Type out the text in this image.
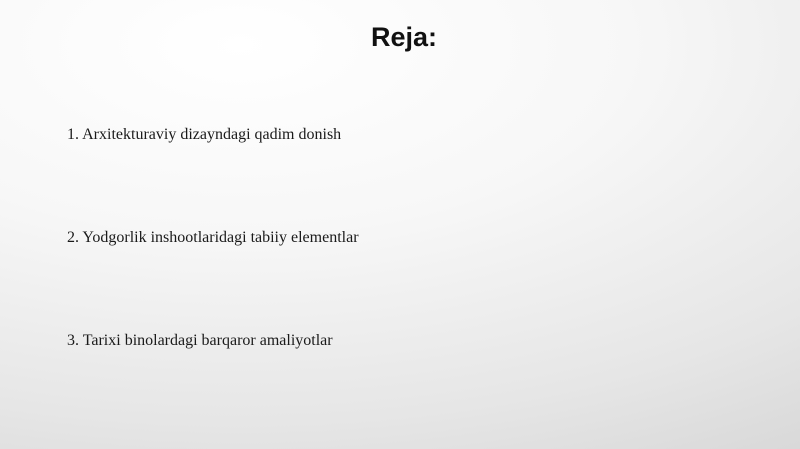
Reja:
1. Arxitekturaviy dizayndagi qadim donish
2. Yodgorlik inshootlaridagi tabiiy elementlar
3. Tarixi binolardagi barqaror amaliyotlar
